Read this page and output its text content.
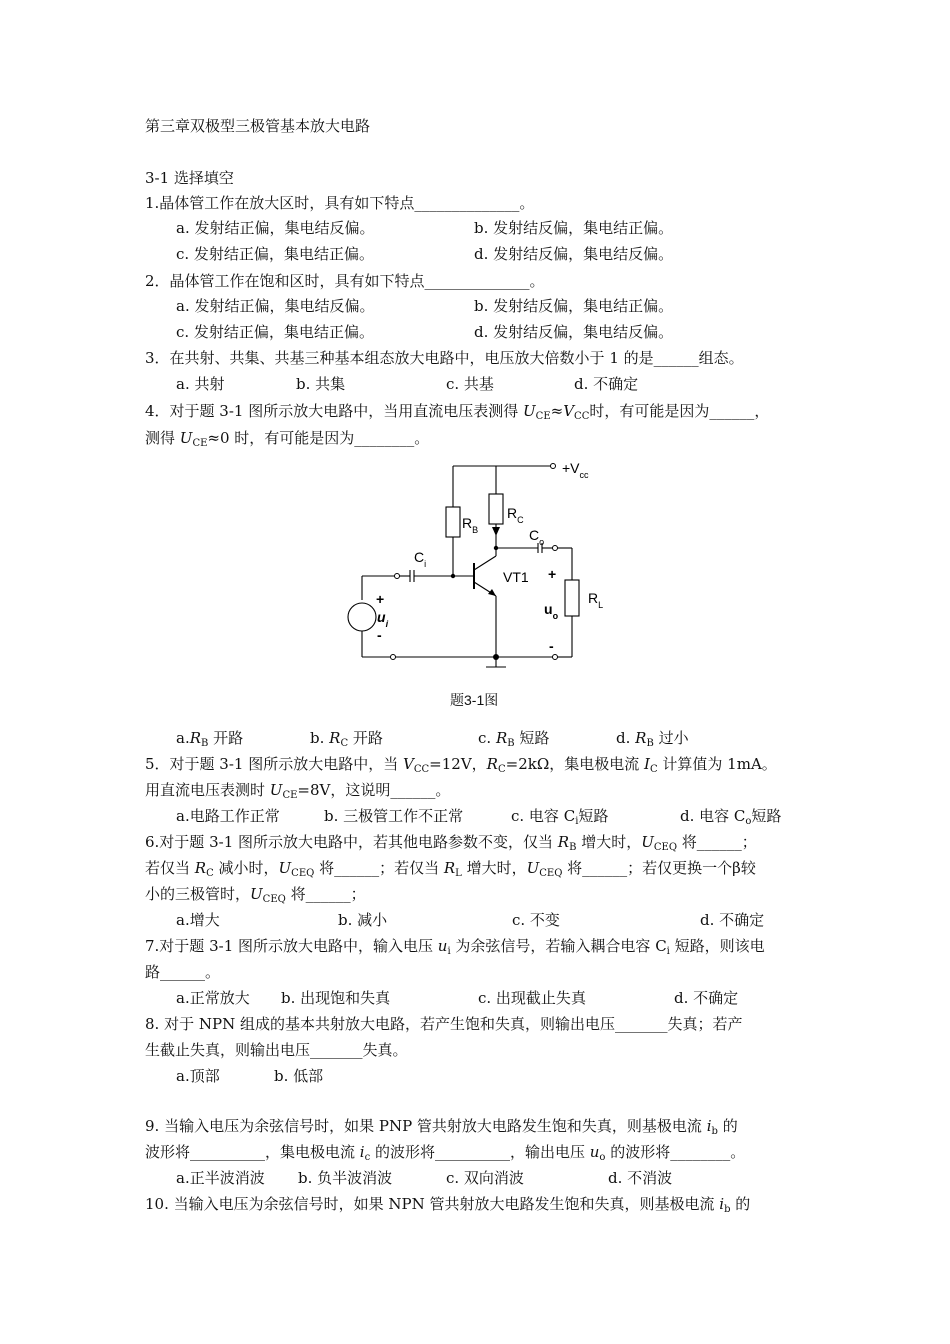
第三章双极型三极管基本放大电路
3-1 选择填空
1.晶体管工作在放大区时，具有如下特点______________。
a. 发射结正偏，集电结反偏。	b. 发射结反偏，集电结正偏。
c. 发射结正偏，集电结正偏。	d. 发射结反偏，集电结反偏。
2．晶体管工作在饱和区时，具有如下特点______________。
a. 发射结正偏，集电结反偏。	b. 发射结反偏，集电结正偏。
c. 发射结正偏，集电结正偏。	d. 发射结反偏，集电结反偏。
3．在共射、共集、共基三种基本组态放大电路中，电压放大倍数小于 1 的是______组态。
a. 共射	b. 共集	c. 共基	d. 不确定
4．对于题 3-1 图所示放大电路中，当用直流电压表测得 $U_{CE}\approx V_{CC}$时，有可能是因为______，
测得 $U_{CE}\approx 0$ 时，有可能是因为________。
$+V_{cc}$
$R_B$
$R_C$
$C_o$
$C_i$
VT1
$R_L$
+
$u_i$
-
+
$u_o$
-
题3-1图
$a.R_B$ 开路	b. $R_C$ 开路	c. $R_B$ 短路	d. $R_B$ 过小
5．对于题 3-1 图所示放大电路中，当 $V_{CC}=12V$，$R_C=2k\Omega$，集电极电流 $I_C$ 计算值为 1mA。
用直流电压表测时 $U_{CE}=8V$，这说明______。
a.电路工作正常	b. 三极管工作不正常	c. 电容 $C_i$短路	d. 电容 $C_o$短路
6.对于题 3-1 图所示放大电路中，若其他电路参数不变，仅当 $R_B$ 增大时，$U_{CEQ}$ 将______；
若仅当 $R_C$ 减小时，$U_{CEQ}$ 将______；若仅当 $R_L$ 增大时，$U_{CEQ}$ 将______；若仅更换一个β较
小的三极管时，$U_{CEQ}$ 将______；
a.增大	b. 减小	c. 不变	d. 不确定
7.对于题 3-1 图所示放大电路中，输入电压 $u_i$ 为余弦信号，若输入耦合电容 $C_i$ 短路，则该电
路______。
a.正常放大 b. 出现饱和失真	c. 出现截止失真	d. 不确定
8. 对于 NPN 组成的基本共射放大电路，若产生饱和失真，则输出电压_______失真；若产
生截止失真，则输出电压_______失真。
a.顶部	b. 低部
9. 当输入电压为余弦信号时，如果 PNP 管共射放大电路发生饱和失真，则基极电流 $i_b$ 的
波形将__________，集电极电流 $i_c$ 的波形将__________，输出电压 $u_o$ 的波形将________。
a.正半波消波 b. 负半波消波	c. 双向消波	d. 不消波
10. 当输入电压为余弦信号时，如果 NPN 管共射放大电路发生饱和失真，则基极电流 $i_b$ 的
